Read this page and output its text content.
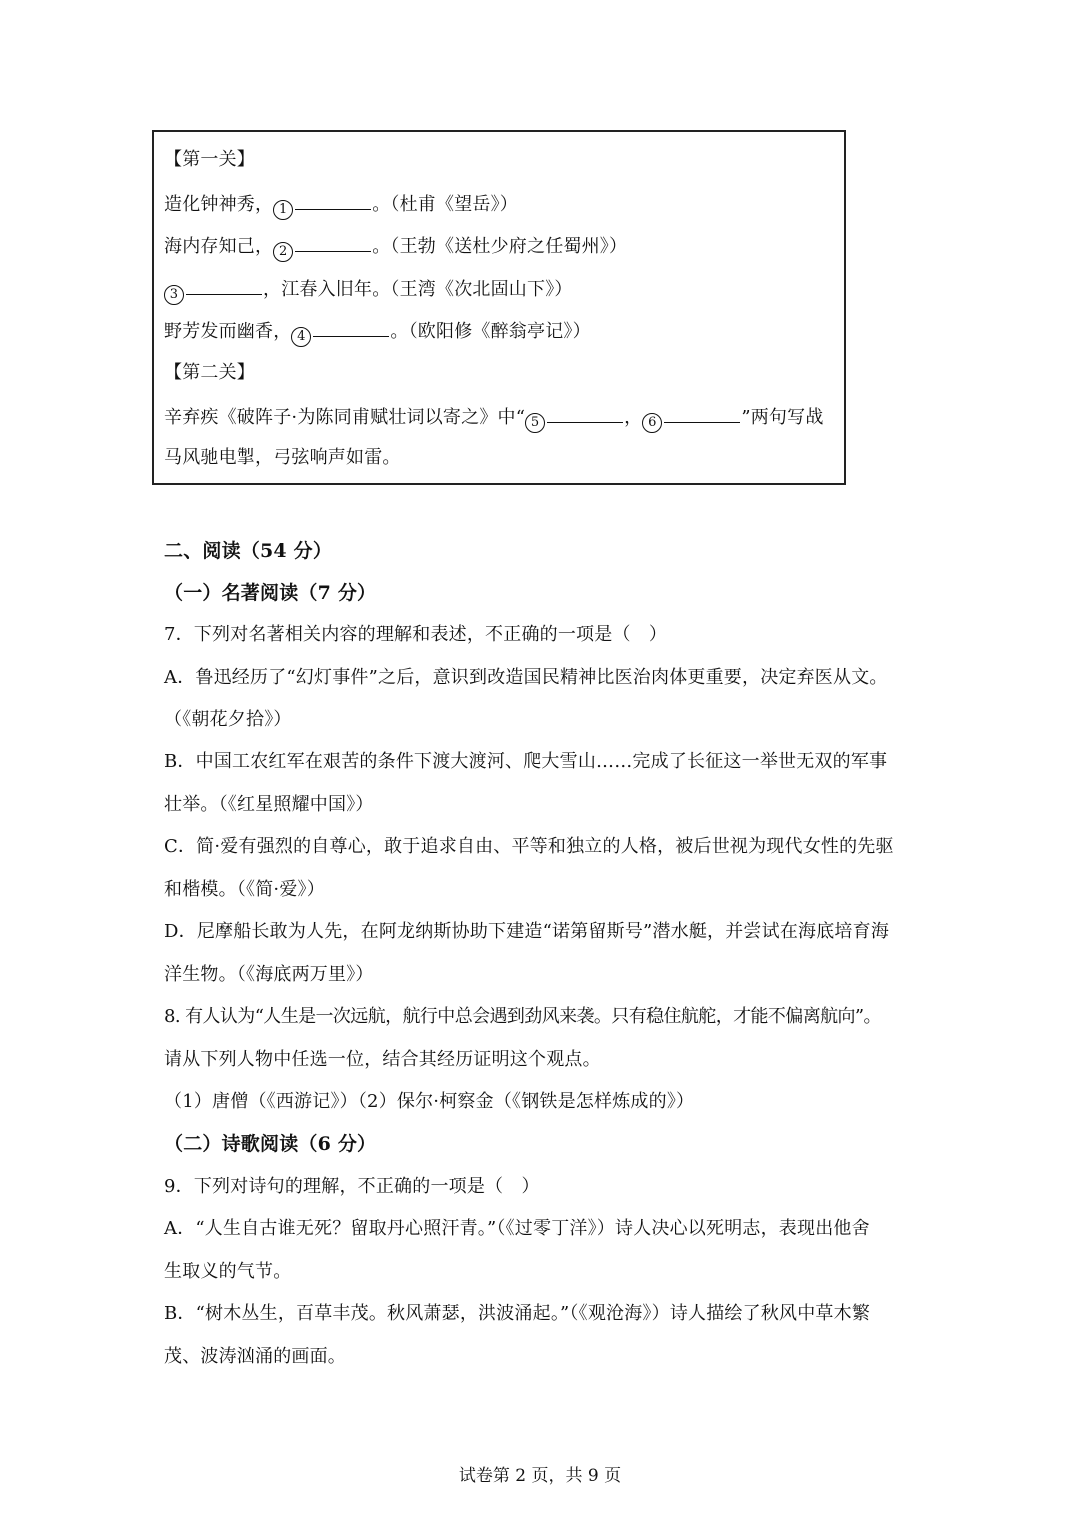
【第一关】
造化钟神秀， 1	。（杜甫《望岳》）
海内存知己， 2	。（王勃《送杜少府之任蜀州》）
3	，江春入旧年。（王湾《次北固山下》）
野芳发而幽香， 4	。（欧阳修《醉翁亭记》）
【第二关】
辛弃疾《破阵子·为陈同甫赋壮词以寄之》中“ 5	， 6	”两句写战
马风驰电掣，弓弦响声如雷。
二、阅读（54 分）
（一）名著阅读（7 分）
7．下列对名著相关内容的理解和表述，不正确的一项是（　）
A．鲁迅经历了“幻灯事件”之后，意识到改造国民精神比医治肉体更重要，决定弃医从文。
（《朝花夕拾》）
B．中国工农红军在艰苦的条件下渡大渡河、爬大雪山……完成了长征这一举世无双的军事
壮举。（《红星照耀中国》）
C．简·爱有强烈的自尊心，敢于追求自由、平等和独立的人格，被后世视为现代女性的先驱
和楷模。（《简·爱》）
D．尼摩船长敢为人先，在阿龙纳斯协助下建造“诺第留斯号”潜水艇，并尝试在海底培育海
洋生物。（《海底两万里》）
8. 有人认为“人生是一次远航，航行中总会遇到劲风来袭。只有稳住航舵，才能不偏离航向”。
请从下列人物中任选一位，结合其经历证明这个观点。
（1）唐僧（《西游记》）（2）保尔·柯察金（《钢铁是怎样炼成的》）
（二）诗歌阅读（6 分）
9．下列对诗句的理解，不正确的一项是（　）
A．“人生自古谁无死？留取丹心照汗青。”（《过零丁洋》）诗人决心以死明志，表现出他舍
生取义的气节。
B．“树木丛生，百草丰茂。秋风萧瑟，洪波涌起。”（《观沧海》）诗人描绘了秋风中草木繁
茂、波涛汹涌的画面。
试卷第 2 页，共 9 页
